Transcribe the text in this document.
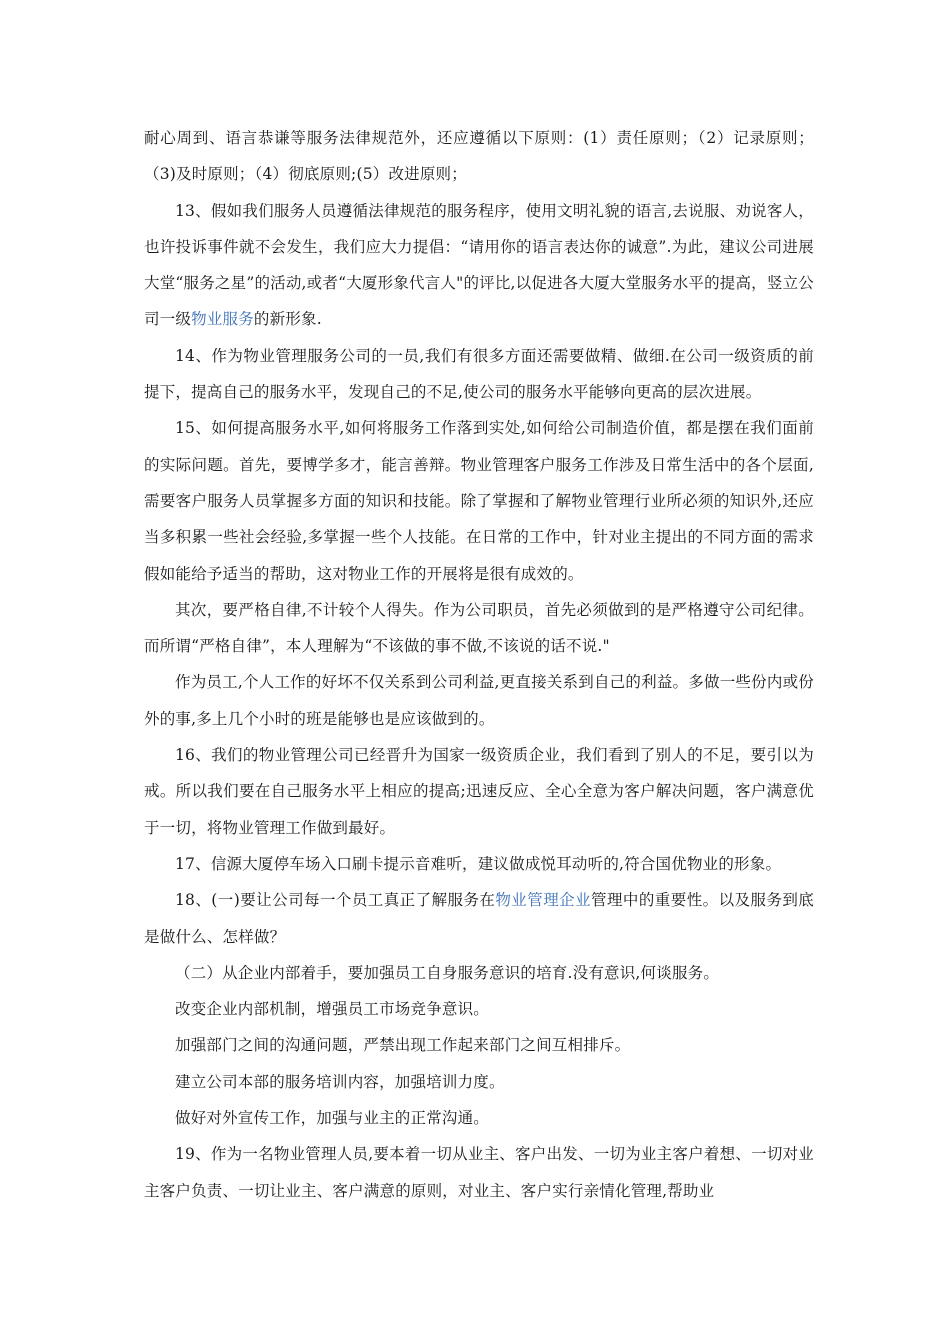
耐心周到、语言恭谦等服务法律规范外，还应遵循以下原则：(1）责任原则；（2）记录原则；（3)及时原则；（4）彻底原则;(5）改进原则；

13、假如我们服务人员遵循法律规范的服务程序，使用文明礼貌的语言,去说服、劝说客人，也许投诉事件就不会发生，我们应大力提倡：“请用你的语言表达你的诚意”.为此，建议公司进展大堂“服务之星”的活动,或者“大厦形象代言人"的评比,以促进各大厦大堂服务水平的提高，竖立公司一级物业服务的新形象.

14、作为物业管理服务公司的一员,我们有很多方面还需要做精、做细.在公司一级资质的前提下，提高自己的服务水平，发现自己的不足,使公司的服务水平能够向更高的层次进展。

15、如何提高服务水平,如何将服务工作落到实处,如何给公司制造价值，都是摆在我们面前的实际问题。首先，要博学多才，能言善辩。物业管理客户服务工作涉及日常生活中的各个层面,需要客户服务人员掌握多方面的知识和技能。除了掌握和了解物业管理行业所必须的知识外,还应当多积累一些社会经验,多掌握一些个人技能。在日常的工作中，针对业主提出的不同方面的需求假如能给予适当的帮助，这对物业工作的开展将是很有成效的。

其次，要严格自律,不计较个人得失。作为公司职员，首先必须做到的是严格遵守公司纪律。而所谓“严格自律”，本人理解为“不该做的事不做,不该说的话不说."

作为员工,个人工作的好坏不仅关系到公司利益,更直接关系到自己的利益。多做一些份内或份外的事,多上几个小时的班是能够也是应该做到的。

16、我们的物业管理公司已经晋升为国家一级资质企业，我们看到了别人的不足，要引以为戒。所以我们要在自己服务水平上相应的提高;迅速反应、全心全意为客户解决问题，客户满意优于一切，将物业管理工作做到最好。

17、信源大厦停车场入口刷卡提示音难听，建议做成悦耳动听的,符合国优物业的形象。

18、(一)要让公司每一个员工真正了解服务在物业管理企业管理中的重要性。以及服务到底是做什么、怎样做？

（二）从企业内部着手，要加强员工自身服务意识的培育.没有意识,何谈服务。

改变企业内部机制，增强员工市场竞争意识。

加强部门之间的沟通问题，严禁出现工作起来部门之间互相排斥。

建立公司本部的服务培训内容，加强培训力度。

做好对外宣传工作，加强与业主的正常沟通。

19、作为一名物业管理人员,要本着一切从业主、客户出发、一切为业主客户着想、一切对业主客户负责、一切让业主、客户满意的原则，对业主、客户实行亲情化管理,帮助业
